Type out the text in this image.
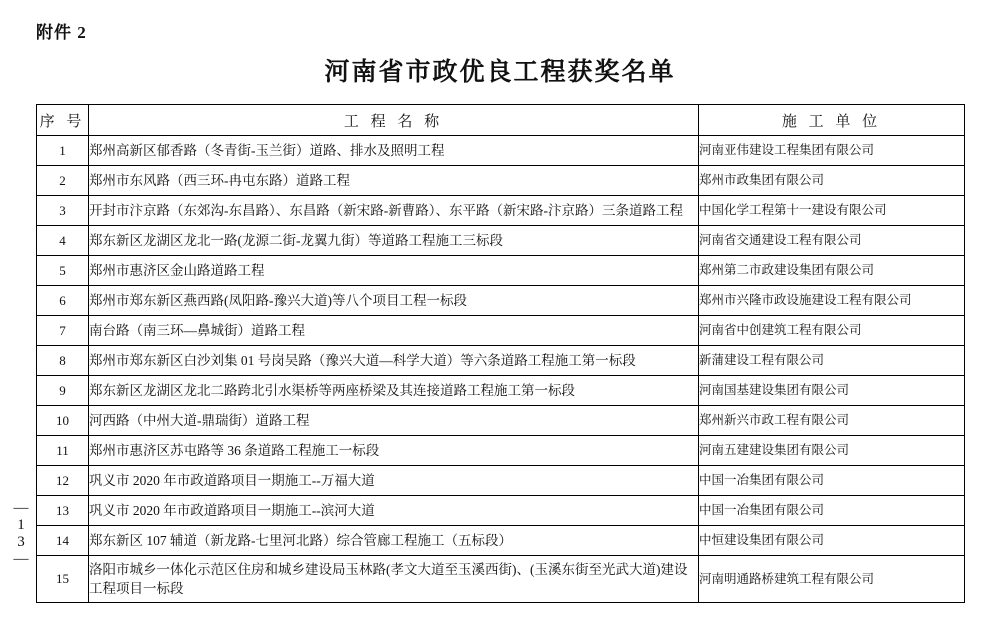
附件 2
河南省市政优良工程获奖名单
—
1
3
—
序 号	工 程 名 称	施 工 单 位
1	郑州高新区郁香路（冬青街-玉兰街）道路、排水及照明工程	河南亚伟建设工程集团有限公司
2	郑州市东风路（西三环-冉屯东路）道路工程	郑州市政集团有限公司
3	开封市汴京路（东郊沟-东昌路）、东昌路（新宋路-新曹路）、东平路（新宋路-汴京路）三条道路工程	中国化学工程第十一建设有限公司
4	郑东新区龙湖区龙北一路(龙源二街-龙翼九街）等道路工程施工三标段	河南省交通建设工程有限公司
5	郑州市惠济区金山路道路工程	郑州第二市政建设集团有限公司
6	郑州市郑东新区燕西路(凤阳路-豫兴大道)等八个项目工程一标段	郑州市兴隆市政设施建设工程有限公司
7	南台路（南三环—鼻城街）道路工程	河南省中创建筑工程有限公司
8	郑州市郑东新区白沙刘集 01 号岗吴路（豫兴大道—科学大道）等六条道路工程施工第一标段	新蒲建设工程有限公司
9	郑东新区龙湖区龙北二路跨北引水渠桥等两座桥梁及其连接道路工程施工第一标段	河南国基建设集团有限公司
10	河西路（中州大道-鼎瑞街）道路工程	郑州新兴市政工程有限公司
11	郑州市惠济区苏屯路等 36 条道路工程施工一标段	河南五建建设集团有限公司
12	巩义市 2020 年市政道路项目一期施工--万福大道	中国一冶集团有限公司
13	巩义市 2020 年市政道路项目一期施工--滨河大道	中国一冶集团有限公司
14	郑东新区 107 辅道（新龙路-七里河北路）综合管廊工程施工（五标段）	中恒建设集团有限公司
15	洛阳市城乡一体化示范区住房和城乡建设局玉林路(孝文大道至玉溪西街)、(玉溪东街至光武大道)建设工程项目一标段	河南明通路桥建筑工程有限公司
